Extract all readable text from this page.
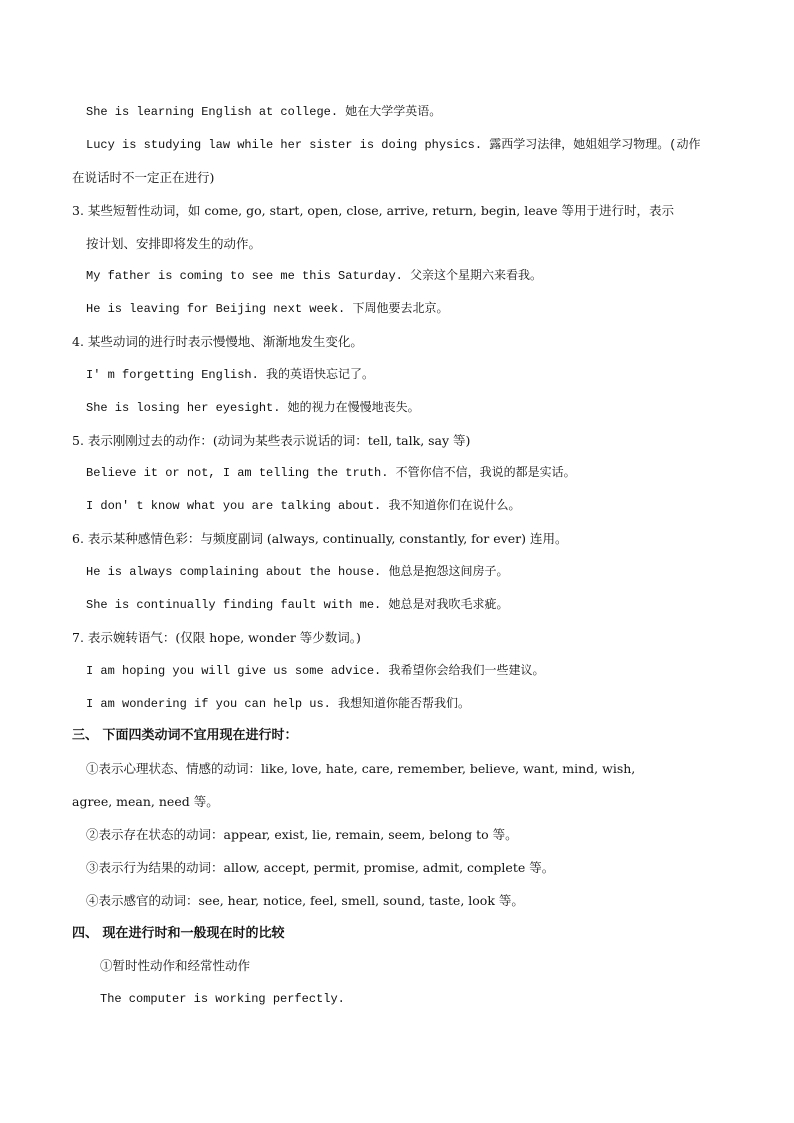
She is learning English at college. 她在大学学英语。
Lucy is studying law while her sister is doing physics. 露西学习法律，她姐姐学习物理。(动作
在说话时不一定正在进行)
3. 某些短暂性动词，如 come, go, start, open, close, arrive, return, begin, leave 等用于进行时，表示
按计划、安排即将发生的动作。
My father is coming to see me this Saturday. 父亲这个星期六来看我。
He is leaving for Beijing next week. 下周他要去北京。
4. 某些动词的进行时表示慢慢地、渐渐地发生变化。
I' m forgetting English. 我的英语快忘记了。
She is losing her eyesight. 她的视力在慢慢地丧失。
5. 表示刚刚过去的动作：(动词为某些表示说话的词：tell, talk, say 等)
Believe it or not, I am telling the truth. 不管你信不信，我说的都是实话。
I don' t know what you are talking about. 我不知道你们在说什么。
6. 表示某种感情色彩：与频度副词 (always, continually, constantly, for ever) 连用。
He is always complaining about the house. 他总是抱怨这间房子。
She is continually finding fault with me. 她总是对我吹毛求疵。
7. 表示婉转语气：(仅限 hope, wonder 等少数词。)
I am hoping you will give us some advice. 我希望你会给我们一些建议。
I am wondering if you can help us. 我想知道你能否帮我们。
三、 下面四类动词不宜用现在进行时：
①表示心理状态、情感的动词：like, love, hate, care, remember, believe, want, mind, wish,
agree, mean, need 等。
②表示存在状态的动词：appear, exist, lie, remain, seem, belong to 等。
③表示行为结果的动词：allow, accept, permit, promise, admit, complete 等。
④表示感官的动词：see, hear, notice, feel, smell, sound, taste, look 等。
四、 现在进行时和一般现在时的比较
①暂时性动作和经常性动作
The computer is working perfectly.
